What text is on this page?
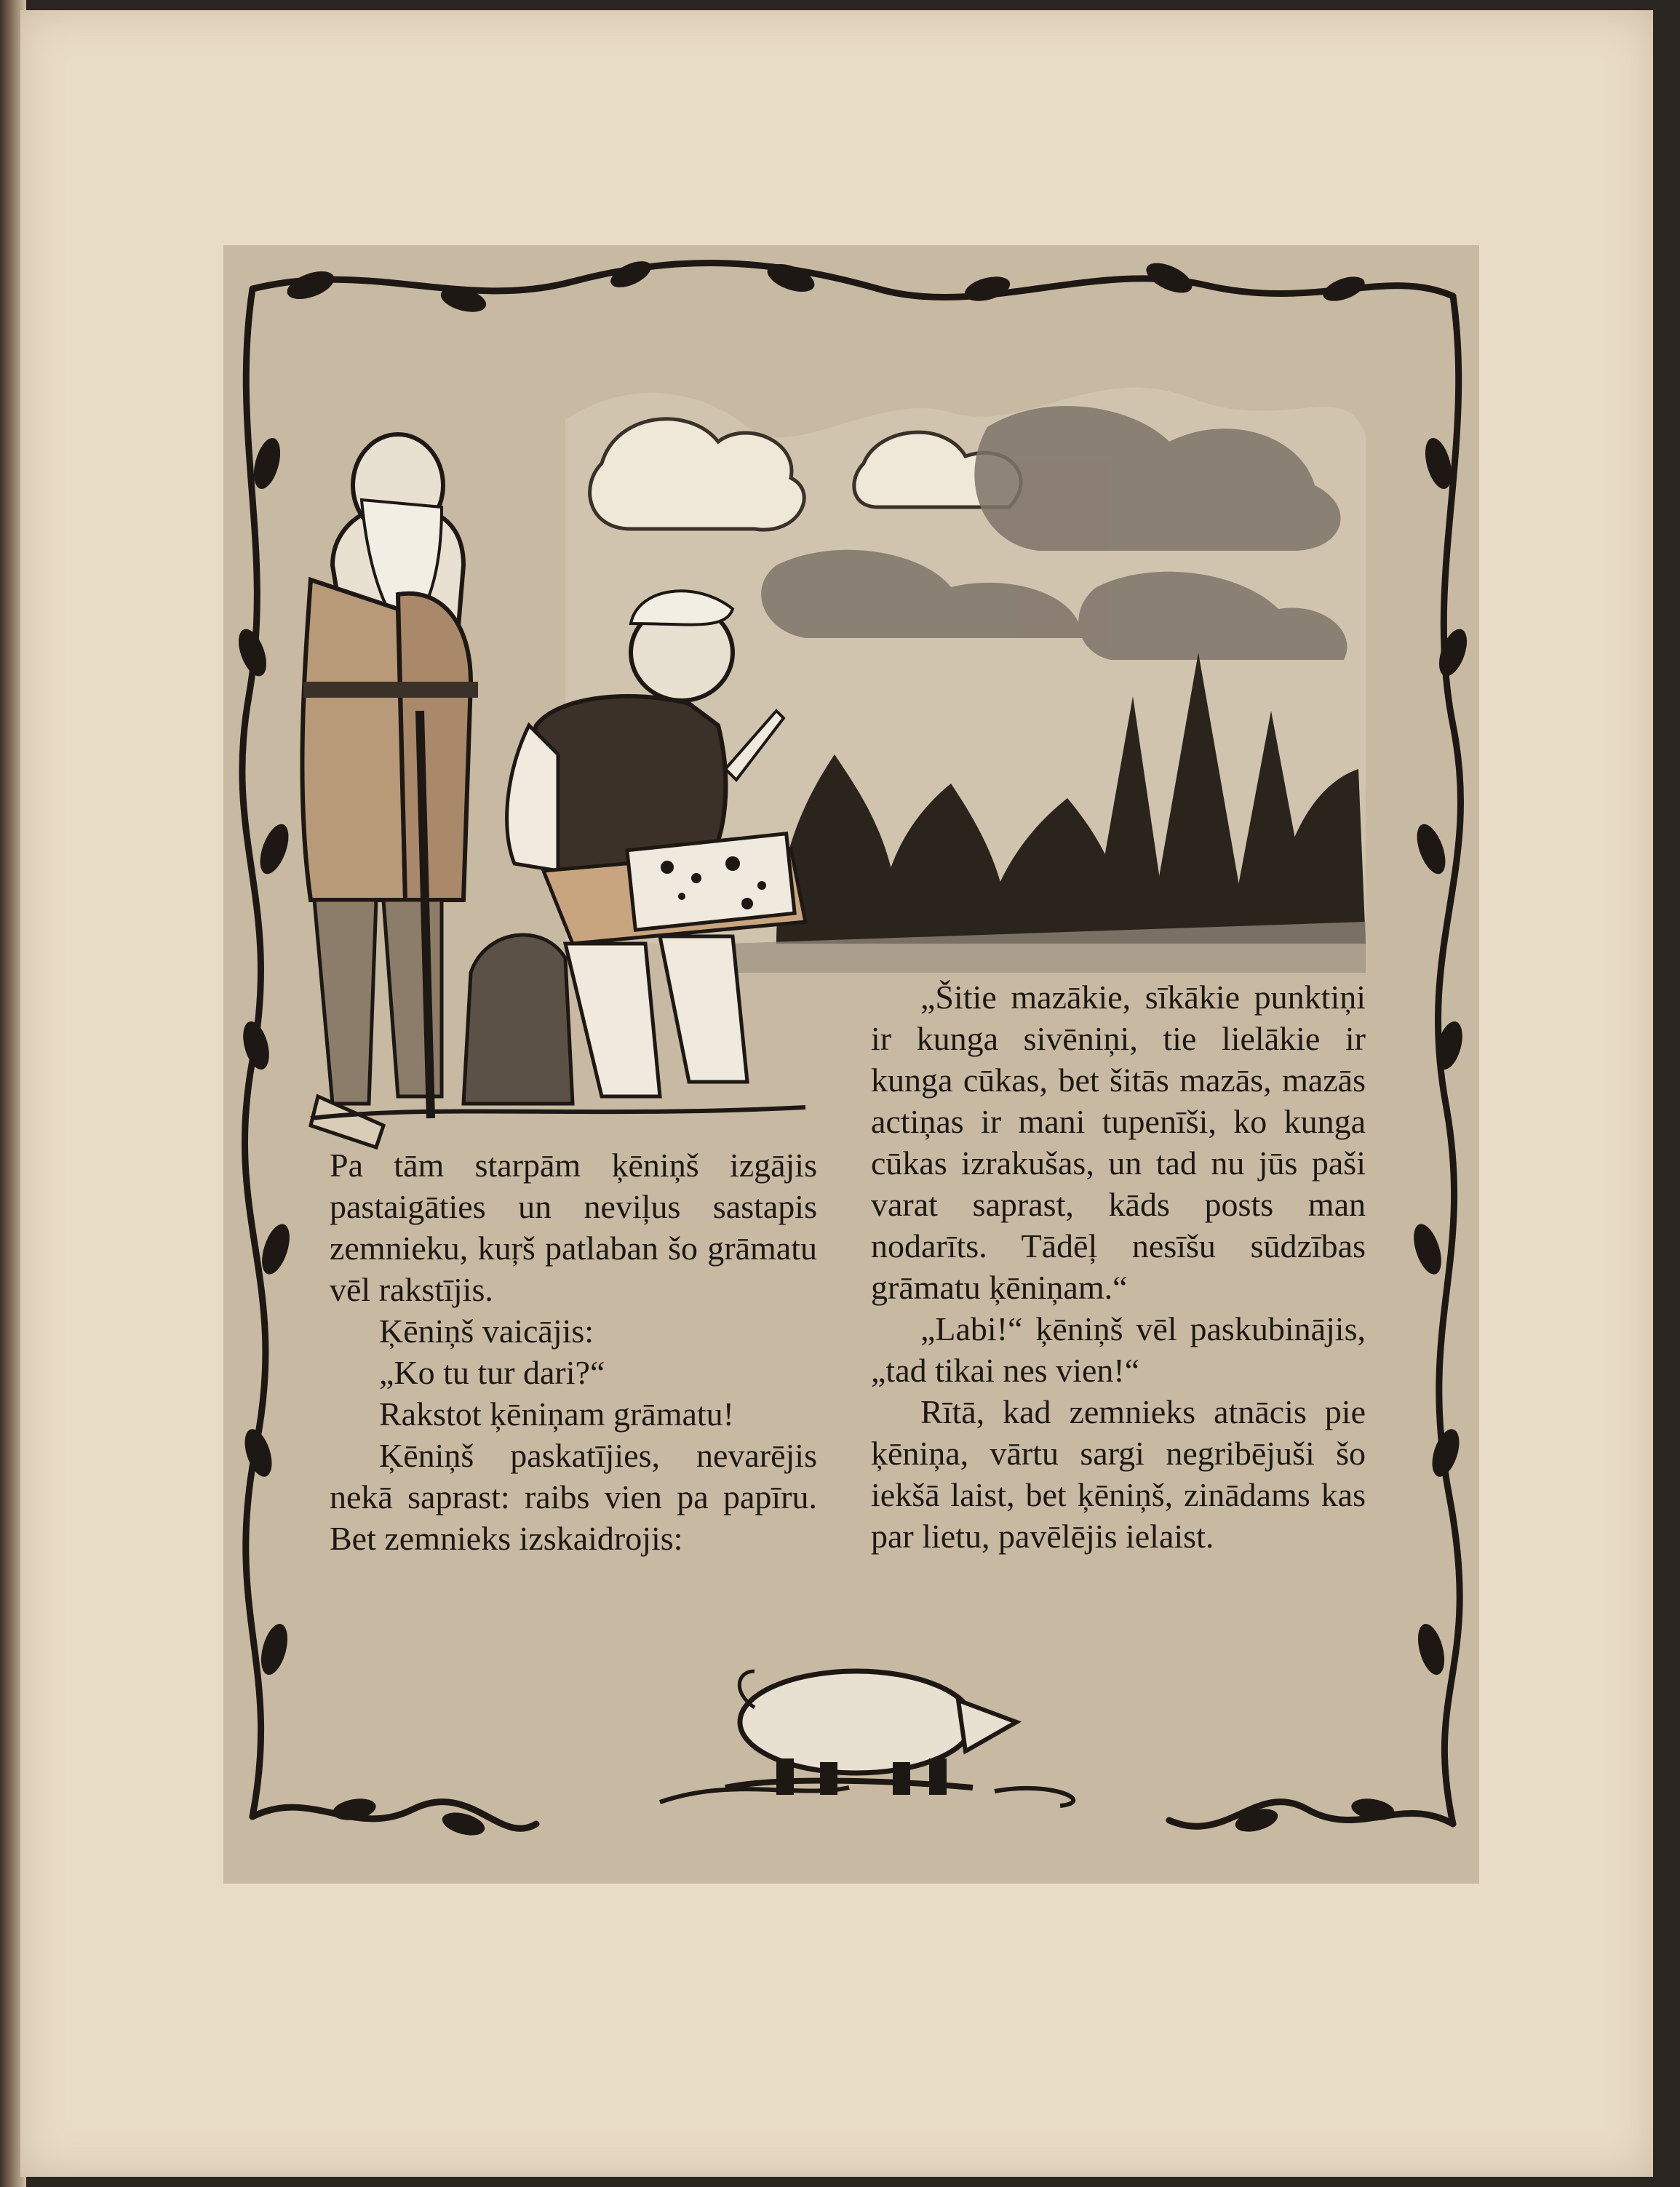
Pa tām starpām ķēniņš izgājis pastaigāties un neviļus sastapis zemnieku, kuŗš patlaban šo grāmatu vēl rakstījis.

Ķēniņš vaicājis:

„Ko tu tur dari?“

Rakstot ķēniņam grāmatu!

Ķēniņš paskatījies, nevarējis nekā saprast: raibs vien pa papīru. Bet zemnieks izskaidrojis:

„Šitie mazākie, sīkākie punktiņi ir kunga sivēniņi, tie lielākie ir kunga cūkas, bet šitās mazās, mazās actiņas ir mani tupenīši, ko kunga cūkas izrakušas, un tad nu jūs paši varat saprast, kāds posts man nodarīts. Tādēļ nesīšu sūdzības grāmatu ķēniņam.“

„Labi!“ ķēniņš vēl paskubinājis, „tad tikai nes vien!“

Rītā, kad zemnieks atnācis pie ķēniņa, vārtu sargi negribējuši šo iekšā laist, bet ķēniņš, zinādams kas par lietu, pavēlējis ielaist.
